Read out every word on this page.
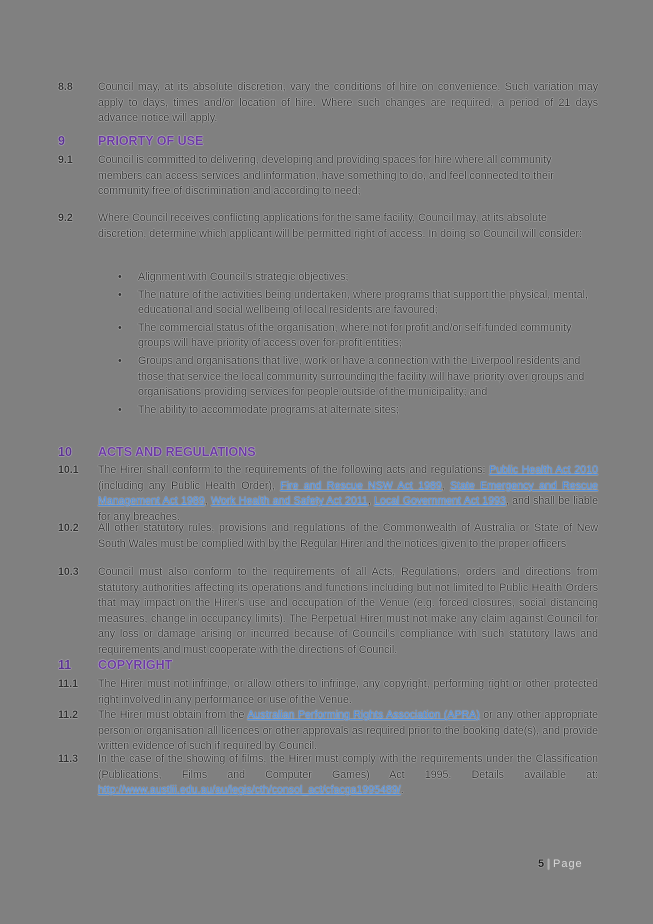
8.8	Council may, at its absolute discretion, vary the conditions of hire on convenience. Such variation may apply to days, times and/or location of hire. Where such changes are required, a period of 21 days advance notice will apply.
9	PRIORTY OF USE
9.1	Council is committed to delivering, developing and providing spaces for hire where all community members can access services and information, have something to do, and feel connected to their community free of discrimination and according to need;
9.2	Where Council receives conflicting applications for the same facility, Council may, at its absolute discretion, determine which applicant will be permitted right of access. In doing so Council will consider:
• Alignment with Council's strategic objectives;
• The nature of the activities being undertaken, where programs that support the physical, mental, educational and social wellbeing of local residents are favoured;
• The commercial status of the organisation, where not for profit and/or self-funded community groups will have priority of access over for-profit entities;
• Groups and organisations that live, work or have a connection with the Liverpool residents and those that service the local community surrounding the facility will have priority over groups and organisations providing services for people outside of the municipality; and
• The ability to accommodate programs at alternate sites;
10	ACTS AND REGULATIONS
10.1	The Hirer shall conform to the requirements of the following acts and regulations: Public Health Act 2010 (including any Public Health Order), Fire and Rescue NSW Act 1989, State Emergency and Rescue Management Act 1989, Work Health and Safety Act 2011, Local Government Act 1993, and shall be liable for any breaches.
10.2	All other statutory rules, provisions and regulations of the Commonwealth of Australia or State of New South Wales must be complied with by the Regular Hirer and the notices given to the proper officers
10.3	Council must also conform to the requirements of all Acts, Regulations, orders and directions from statutory authorities affecting its operations and functions including but not limited to Public Health Orders that may impact on the Hirer's use and occupation of the Venue (e.g. forced closures, social distancing measures, change in occupancy limits). The Perpetual Hirer must not make any claim against Council for any loss or damage arising or incurred because of Council's compliance with such statutory laws and requirements and must cooperate with the directions of Council.
11	COPYRIGHT
11.1	The Hirer must not infringe, or allow others to infringe, any copyright, performing right or other protected right involved in any performance or use of the Venue.
11.2	The Hirer must obtain from the Australian Performing Rights Association (APRA) or any other appropriate person or organisation all licences or other approvals as required prior to the booking date(s), and provide written evidence of such if required by Council.
11.3	In the case of the showing of films, the Hirer must comply with the requirements under the Classification (Publications, Films and Computer Games) Act 1995. Details available at: http://www.austlii.edu.au/au/legis/cth/consol_act/cfacga1995489/.
5 | Page
